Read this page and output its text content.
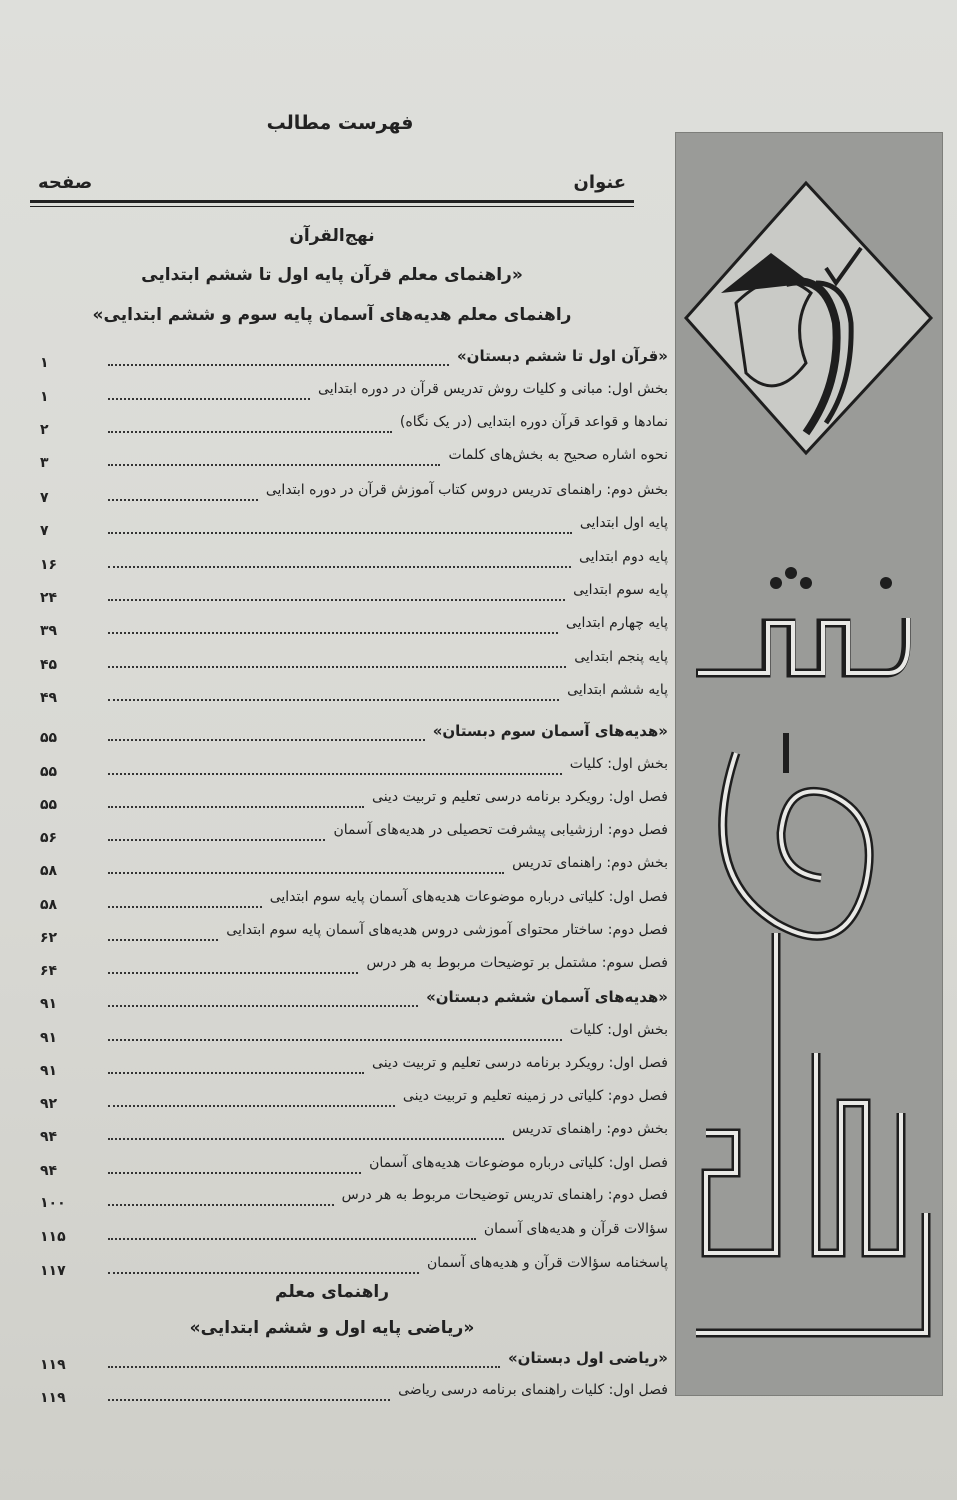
فهرست مطالب
عنوان
صفحه
نهج‌القرآن
«راهنمای معلم قرآن پایه اول تا ششم ابتدایی
راهنمای معلم هدیه‌های آسمان پایه سوم و ششم ابتدایی»
«قرآن اول تا ششم دبستان»
۱
بخش اول: مبانی و کلیات روش تدریس قرآن در دوره ابتدایی
۱
نمادها و قواعد قرآن دوره ابتدایی (در یک نگاه)
۲
نحوه اشاره صحیح به بخش‌های کلمات
۳
بخش دوم: راهنمای تدریس دروس کتاب آموزش قرآن در دوره ابتدایی
۷
پایه اول ابتدایی
۷
پایه دوم ابتدایی
۱۶
پایه سوم ابتدایی
۲۴
پایه چهارم ابتدایی
۳۹
پایه پنجم ابتدایی
۴۵
پایه ششم ابتدایی
۴۹
«هدیه‌های آسمان سوم دبستان»
۵۵
بخش اول: کلیات
۵۵
فصل اول: رویکرد برنامه درسی تعلیم و تربیت دینی
۵۵
فصل دوم: ارزشیابی پیشرفت تحصیلی در هدیه‌های آسمان
۵۶
بخش دوم: راهنمای تدریس
۵۸
فصل اول: کلیاتی درباره موضوعات هدیه‌های آسمان پایه سوم ابتدایی
۵۸
فصل دوم: ساختار محتوای آموزشی دروس هدیه‌های آسمان پایه سوم ابتدایی
۶۲
فصل سوم: مشتمل بر توضیحات مربوط به هر درس
۶۴
«هدیه‌های آسمان ششم دبستان»
۹۱
بخش اول: کلیات
۹۱
فصل اول: رویکرد برنامه درسی تعلیم و تربیت دینی
۹۱
فصل دوم: کلیاتی در زمینه تعلیم و تربیت دینی
۹۲
بخش دوم: راهنمای تدریس
۹۴
فصل اول: کلیاتی درباره موضوعات هدیه‌های آسمان
۹۴
فصل دوم: راهنمای تدریس توضیحات مربوط به هر درس
۱۰۰
سؤالات قرآن و هدیه‌های آسمان
۱۱۵
پاسخنامه سؤالات قرآن و هدیه‌های آسمان
۱۱۷
«ریاضی اول دبستان»
۱۱۹
فصل اول: کلیات راهنمای برنامه درسی ریاضی
۱۱۹
راهنمای معلم
«ریاضی پایه اول و ششم ابتدایی»
